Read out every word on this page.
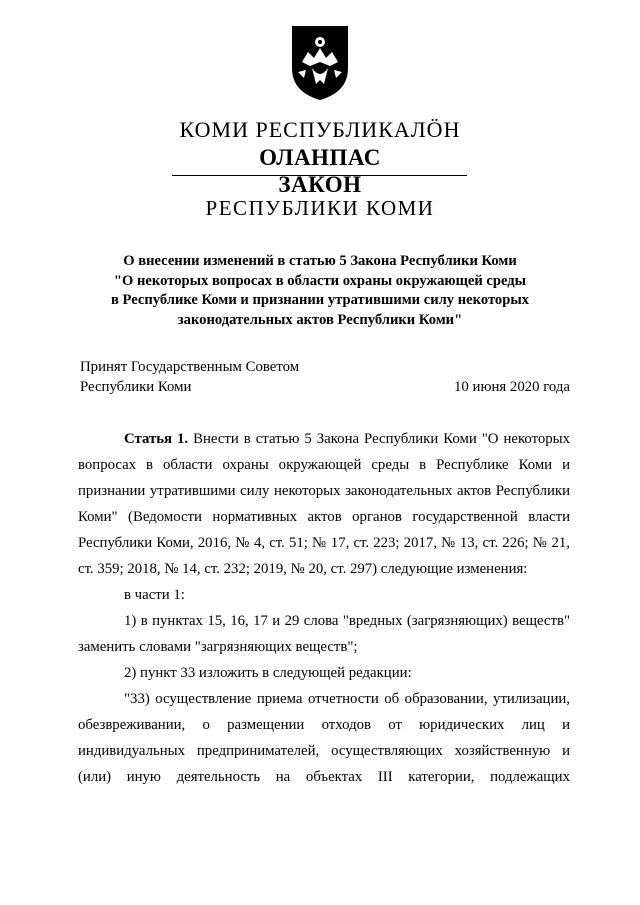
КОМИ РЕСПУБЛИКАЛӦН
ОЛАНПАС
ЗАКОН
РЕСПУБЛИКИ КОМИ
О внесении изменений в статью 5 Закона Республики Коми
"О некоторых вопросах в области охраны окружающей среды
в Республике Коми и признании утратившими силу некоторых
законодательных актов Республики Коми"
Принят Государственным Советом
Республики Коми	10 июня 2020 года

Статья 1. Внести в статью 5 Закона Республики Коми "О некоторых вопросах в области охраны окружающей среды в Республике Коми и признании утратившими силу некоторых законодательных актов Республики Коми" (Ведомости нормативных актов органов государственной власти Республики Коми, 2016, № 4, ст. 51; № 17, ст. 223; 2017, № 13, ст. 226; № 21, ст. 359; 2018, № 14, ст. 232; 2019, № 20, ст. 297) следующие изменения:

в части 1:

1) в пунктах 15, 16, 17 и 29 слова "вредных (загрязняющих) веществ" заменить словами "загрязняющих веществ";

2) пункт 33 изложить в следующей редакции:

"33) осуществление приема отчетности об образовании, утилизации, обезвреживании, о размещении отходов от юридических лиц и индивидуальных предпринимателей, осуществляющих хозяйственную и (или) иную деятельность на объектах III категории, подлежащих
